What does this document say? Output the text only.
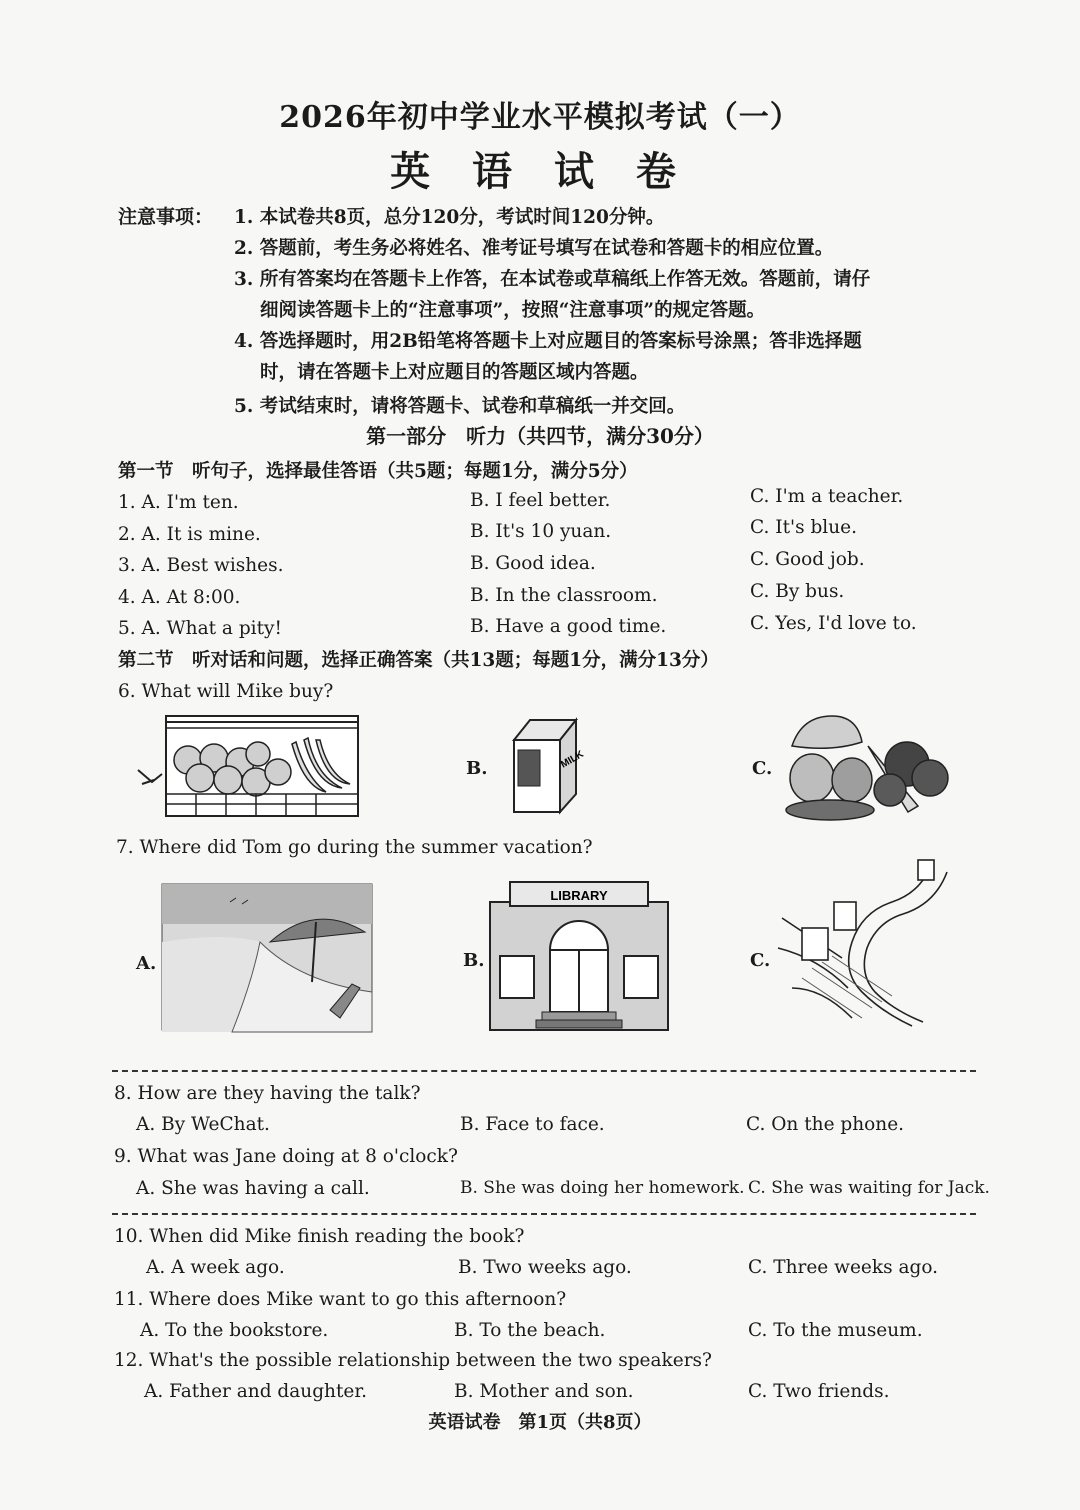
2026年初中学业水平模拟考试（一）
英 语 试 卷
注意事项： 1. 本试卷共8页，总分120分，考试时间120分钟。
2. 答题前，考生务必将姓名、准考证号填写在试卷和答题卡的相应位置。
3. 所有答案均在答题卡上作答，在本试卷或草稿纸上作答无效。答题前，请仔
细阅读答题卡上的“注意事项”，按照“注意事项”的规定答题。
4. 答选择题时，用2B铅笔将答题卡上对应题目的答案标号涂黑；答非选择题
时，请在答题卡上对应题目的答题区域内答题。
5. 考试结束时，请将答题卡、试卷和草稿纸一并交回。
第一部分　听力（共四节，满分30分）
第一节　听句子，选择最佳答语（共5题；每题1分，满分5分）
1. A. I'm ten.	B. I feel better.	C. I'm a teacher.
2. A. It is mine.	B. It's 10 yuan.	C. It's blue.
3. A. Best wishes.	B. Good idea.	C. Good job.
4. A. At 8:00.	B. In the classroom.	C. By bus.
5. A. What a pity!	B. Have a good time.	C. Yes, I'd love to.
第二节　听对话和问题，选择正确答案（共13题；每题1分，满分13分）
6. What will Mike buy?
B.	MILK	C.
7. Where did Tom go during the summer vacation?
A.	B.
LIBRARY
C.
8. How are they having the talk?
A. By WeChat.	B. Face to face.	C. On the phone.
9. What was Jane doing at 8 o'clock?
A. She was having a call.	B. She was doing her homework. C. She was waiting for Jack.
10. When did Mike finish reading the book?
A. A week ago.	B. Two weeks ago.	C. Three weeks ago.
11. Where does Mike want to go this afternoon?
A. To the bookstore.	B. To the beach.	C. To the museum.
12. What's the possible relationship between the two speakers?
A. Father and daughter.	B. Mother and son.	C. Two friends.
英语试卷　第1页（共8页）
